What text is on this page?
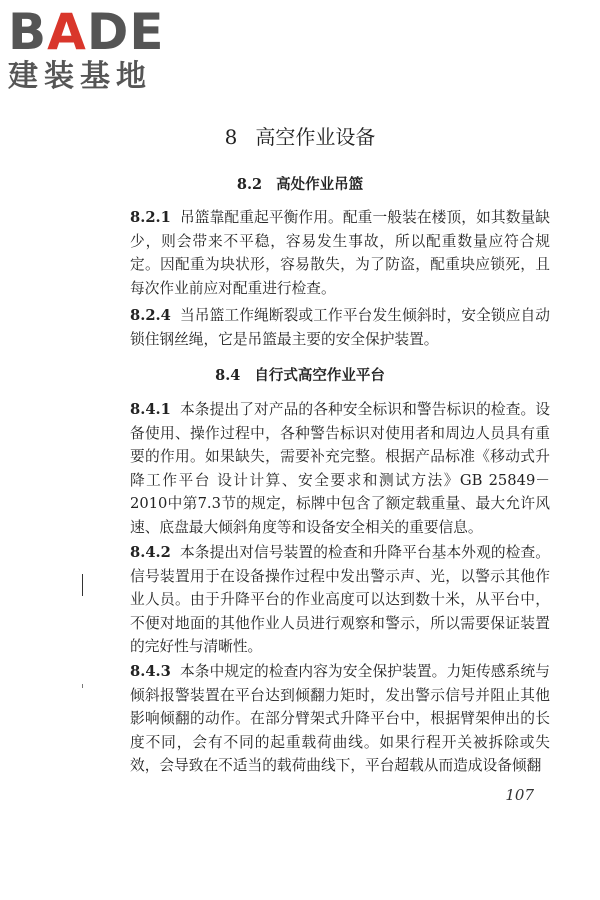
BADE
建装基地
8 高空作业设备
8.2 高处作业吊篮
8.2.1 吊篮靠配重起平衡作用。配重一般装在楼顶，如其数量缺少，则会带来不平稳，容易发生事故，所以配重数量应符合规定。因配重为块状形，容易散失，为了防盗，配重块应锁死，且每次作业前应对配重进行检查。
8.2.4 当吊篮工作绳断裂或工作平台发生倾斜时，安全锁应自动锁住钢丝绳，它是吊篮最主要的安全保护装置。
8.4 自行式高空作业平台
8.4.1 本条提出了对产品的各种安全标识和警告标识的检查。设备使用、操作过程中，各种警告标识对使用者和周边人员具有重要的作用。如果缺失，需要补充完整。根据产品标准《移动式升降工作平台 设计计算、安全要求和测试方法》GB 25849－2010中第7.3节的规定，标牌中包含了额定载重量、最大允许风速、底盘最大倾斜角度等和设备安全相关的重要信息。
8.4.2 本条提出对信号装置的检查和升降平台基本外观的检查。信号装置用于在设备操作过程中发出警示声、光，以警示其他作业人员。由于升降平台的作业高度可以达到数十米，从平台中，不便对地面的其他作业人员进行观察和警示，所以需要保证装置的完好性与清晰性。
8.4.3 本条中规定的检查内容为安全保护装置。力矩传感系统与倾斜报警装置在平台达到倾翻力矩时，发出警示信号并阻止其他影响倾翻的动作。在部分臂架式升降平台中，根据臂架伸出的长度不同，会有不同的起重载荷曲线。如果行程开关被拆除或失效，会导致在不适当的载荷曲线下，平台超载从而造成设备倾翻
107
